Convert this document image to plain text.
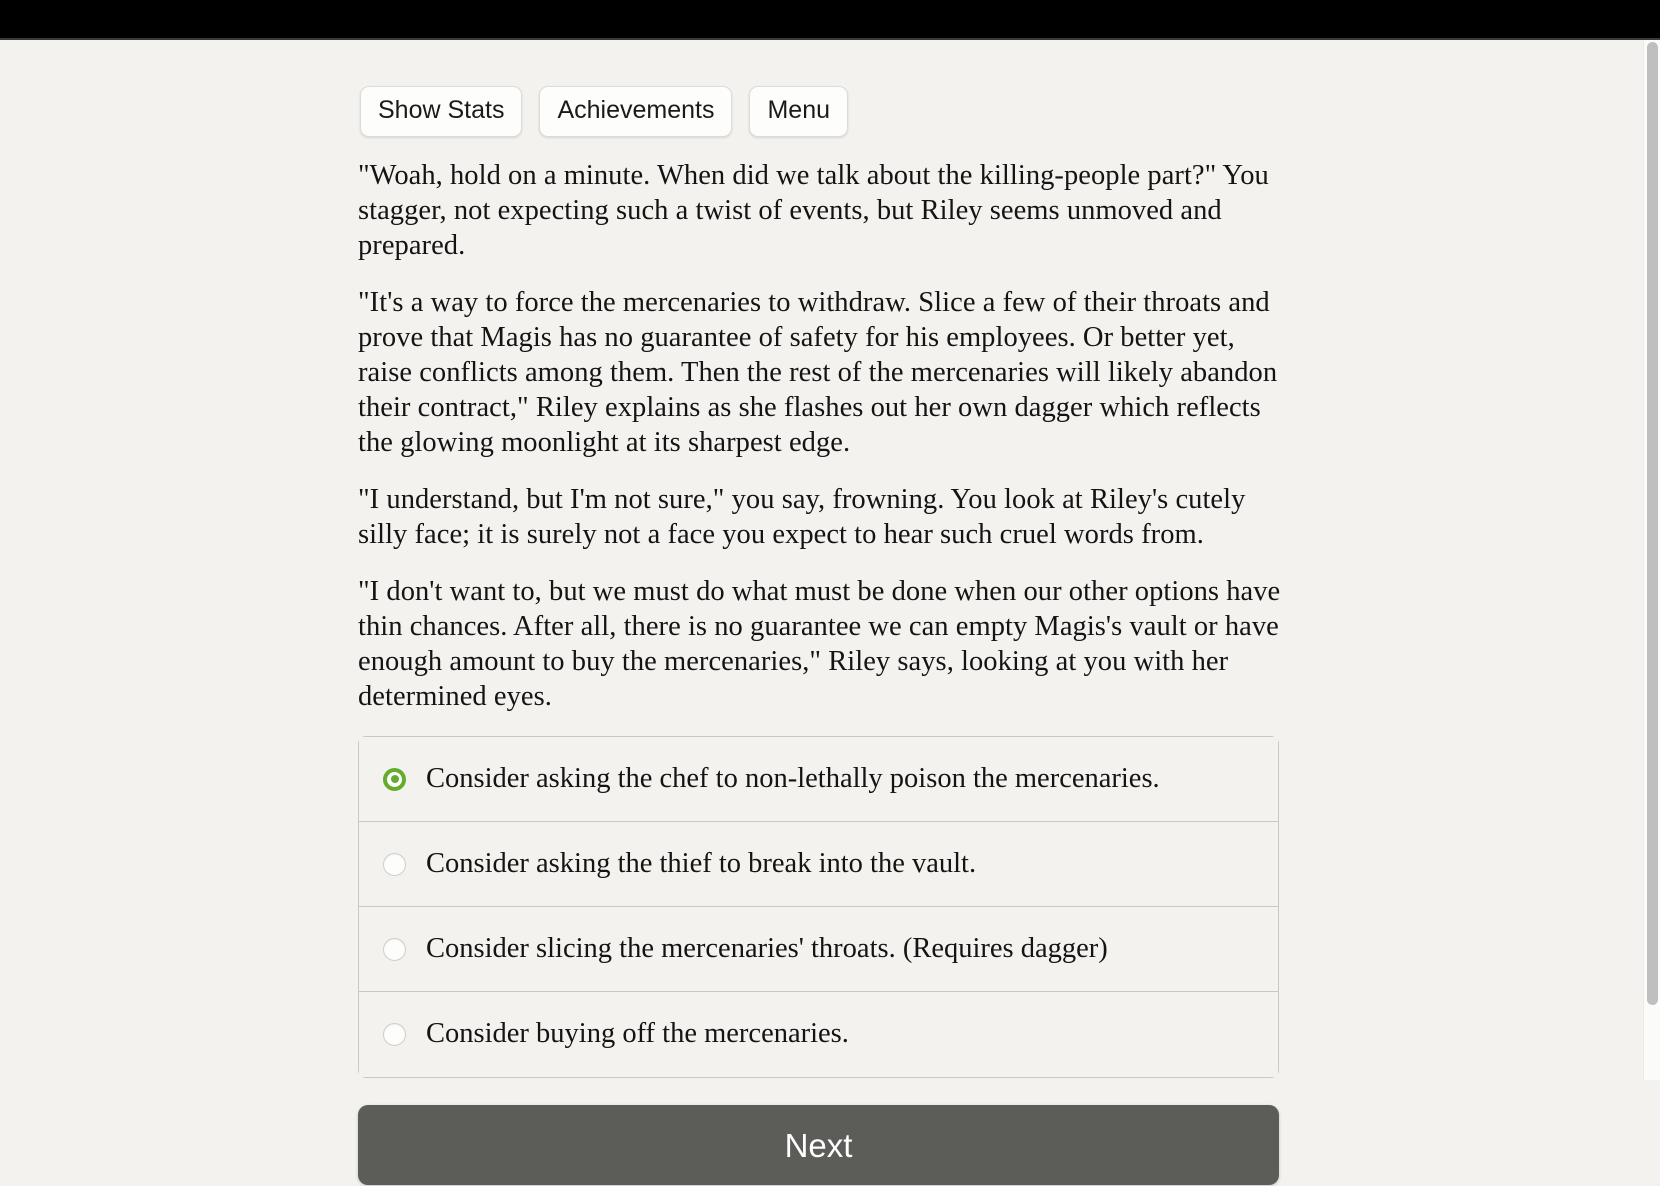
Show Stats	Achievements	Menu

"Woah, hold on a minute. When did we talk about the killing-people part?" You stagger, not expecting such a twist of events, but Riley seems unmoved and prepared.

"It's a way to force the mercenaries to withdraw. Slice a few of their throats and prove that Magis has no guarantee of safety for his employees. Or better yet, raise conflicts among them. Then the rest of the mercenaries will likely abandon their contract," Riley explains as she flashes out her own dagger which reflects the glowing moonlight at its sharpest edge.

"I understand, but I'm not sure," you say, frowning. You look at Riley's cutely silly face; it is surely not a face you expect to hear such cruel words from.

"I don't want to, but we must do what must be done when our other options have thin chances. After all, there is no guarantee we can empty Magis's vault or have enough amount to buy the mercenaries," Riley says, looking at you with her determined eyes.

Consider asking the chef to non-lethally poison the mercenaries.
Consider asking the thief to break into the vault.
Consider slicing the mercenaries' throats. (Requires dagger)
Consider buying off the mercenaries.
Next
